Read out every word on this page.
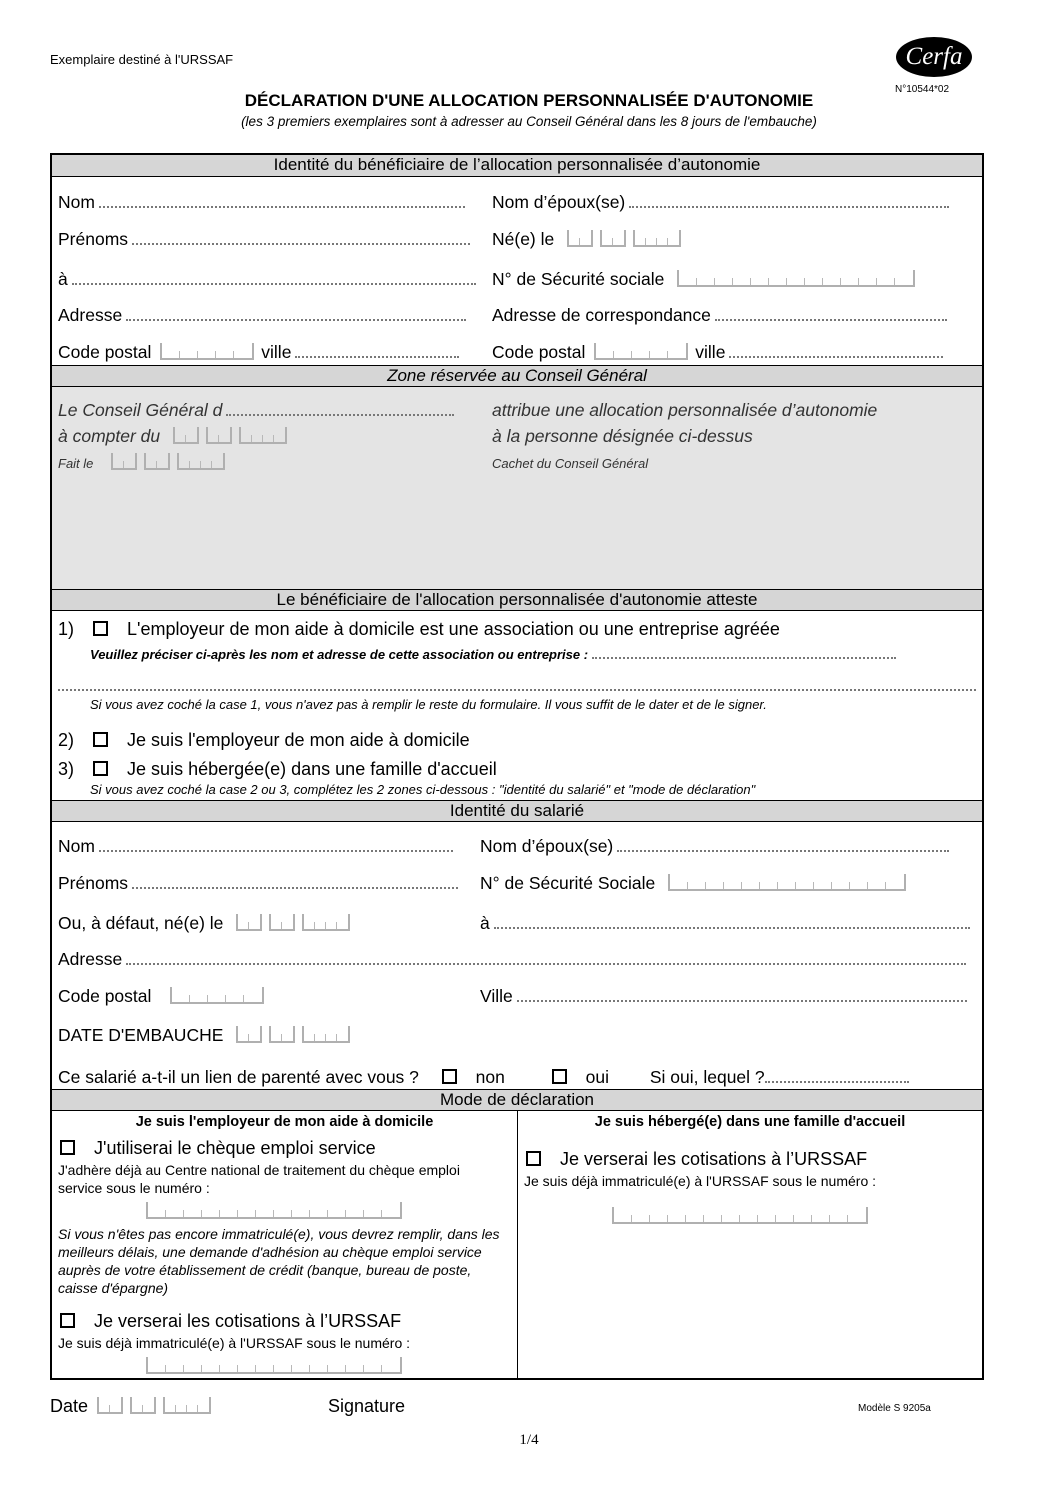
Exemplaire destiné à l'URSSAF	Cerfa
N°10544*02
DÉCLARATION D'UNE ALLOCATION PERSONNALISÉE D'AUTONOMIE
(les 3 premiers exemplaires sont à adresser au Conseil Général dans les 8 jours de l'embauche)
Identité du bénéficiaire de l’allocation personnalisée d’autonomie
Nom	Nom d’époux(se)
Prénoms	Né(e) le
à	N° de Sécurité sociale
Adresse	Adresse de correspondance
Code postal	ville	Code postal	ville
Zone réservée au Conseil Général
Le Conseil Général d	attribue une allocation personnalisée d’autonomie
à compter du	à la personne désignée ci-dessus
Fait le	Cachet du Conseil Général
Le bénéficiaire de l'allocation personnalisée d'autonomie atteste
1)	L'employeur de mon aide à domicile est une association ou une entreprise agréée
Veuillez préciser ci-après les nom et adresse de cette association ou entreprise :
Si vous avez coché la case 1, vous n'avez pas à remplir le reste du formulaire. Il vous suffit de le dater et de le signer.
2)	Je suis l'employeur de mon aide à domicile
3)	Je suis hébergée(e) dans une famille d'accueil
Si vous avez coché la case 2 ou 3, complétez les 2 zones ci-dessous : "identité du salarié" et "mode de déclaration"
Identité du salarié
Nom	Nom d’époux(se)
Prénoms	N° de Sécurité Sociale
Ou, à défaut, né(e) le	à
Adresse
Code postal	Ville
DATE D'EMBAUCHE
Ce salarié a-t-il un lien de parenté avec vous ?	non	oui Si oui, lequel ?
Mode de déclaration
Je suis l'employeur de mon aide à domicile
J'utiliserai le chèque emploi service
J'adhère déjà au Centre national de traitement du chèque emploi service sous le numéro :
Si vous n'êtes pas encore immatriculé(e), vous devrez remplir, dans les meilleurs délais, une demande d'adhésion au chèque emploi service auprès de votre établissement de crédit (banque, bureau de poste, caisse d'épargne)
Je verserai les cotisations à l’URSSAF
Je suis déjà immatriculé(e) à l'URSSAF sous le numéro :
Je suis hébergé(e) dans une famille d'accueil
Je verserai les cotisations à l’URSSAF
Je suis déjà immatriculé(e) à l'URSSAF sous le numéro :
Date	Signature	Modèle S 9205a
1/4
